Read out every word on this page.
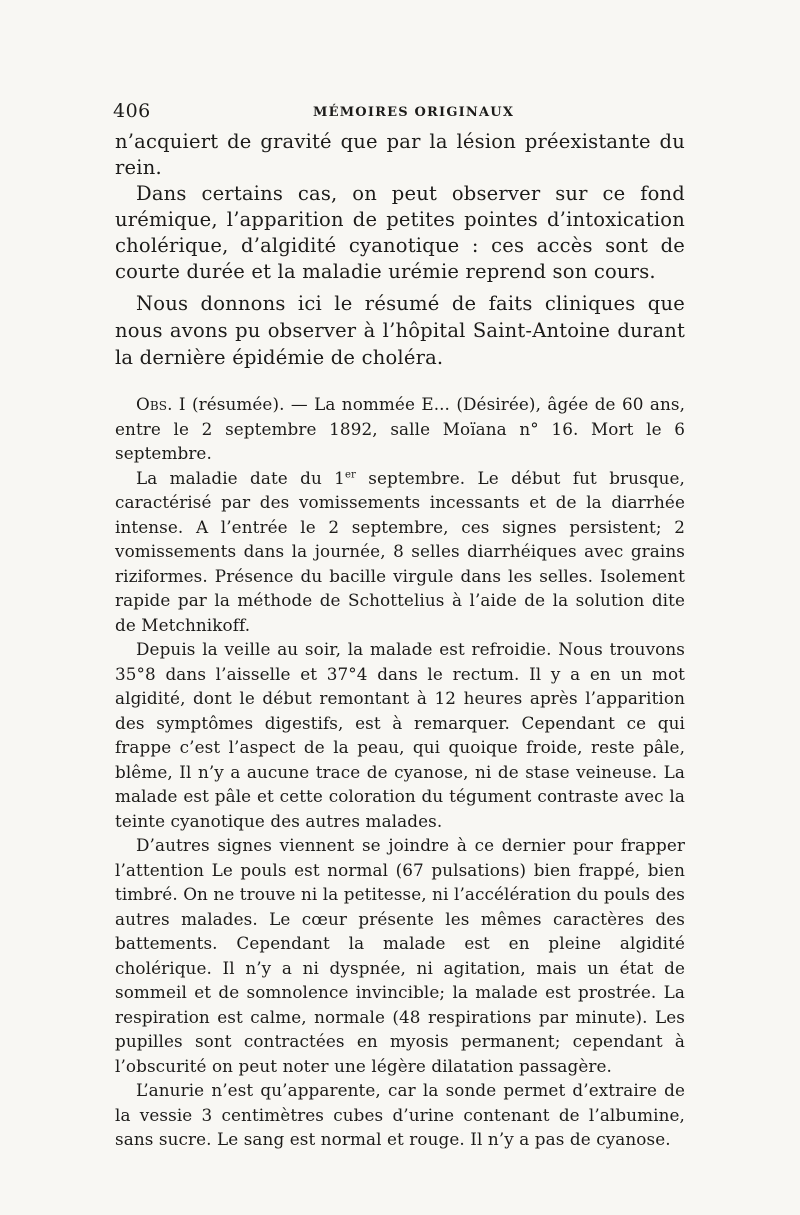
406	MÉMOIRES ORIGINAUX

n’acquiert de gravité que par la lésion préexistante du rein.

Dans certains cas, on peut observer sur ce fond urémique, l’apparition de petites pointes d’intoxication cholérique, d’algidité cyanotique : ces accès sont de courte durée et la maladie urémie reprend son cours.

Nous donnons ici le résumé de faits cliniques que nous avons pu observer à l’hôpital Saint-Antoine durant la dernière épidémie de choléra.

Obs. I (résumée). — La nommée E... (Désirée), âgée de 60 ans, entre le 2 septembre 1892, salle Moïana n° 16. Mort le 6 septembre.

La maladie date du 1er septembre. Le début fut brusque, caractérisé par des vomissements incessants et de la diarrhée intense. A l’entrée le 2 septembre, ces signes persistent; 2 vomissements dans la journée, 8 selles diarrhéiques avec grains riziformes. Présence du bacille virgule dans les selles. Isolement rapide par la méthode de Schottelius à l’aide de la solution dite de Metchnikoff.

Depuis la veille au soir, la malade est refroidie. Nous trouvons 35°8 dans l’aisselle et 37°4 dans le rectum. Il y a en un mot algidité, dont le début remontant à 12 heures après l’apparition des symptômes digestifs, est à remarquer. Cependant ce qui frappe c’est l’aspect de la peau, qui quoique froide, reste pâle, blême, Il n’y a aucune trace de cyanose, ni de stase veineuse. La malade est pâle et cette coloration du tégument contraste avec la teinte cyanotique des autres malades.

D’autres signes viennent se joindre à ce dernier pour frapper l’attention Le pouls est normal (67 pulsations) bien frappé, bien timbré. On ne trouve ni la petitesse, ni l’accélération du pouls des autres malades. Le cœur présente les mêmes caractères des battements. Cependant la malade est en pleine algidité cholérique. Il n’y a ni dyspnée, ni agitation, mais un état de sommeil et de somnolence invincible; la malade est prostrée. La respiration est calme, normale (48 respirations par minute). Les pupilles sont contractées en myosis permanent; cependant à l’obscurité on peut noter une légère dilatation passagère.

L’anurie n’est qu’apparente, car la sonde permet d’extraire de la vessie 3 centimètres cubes d’urine contenant de l’albumine, sans sucre. Le sang est normal et rouge. Il n’y a pas de cyanose.
